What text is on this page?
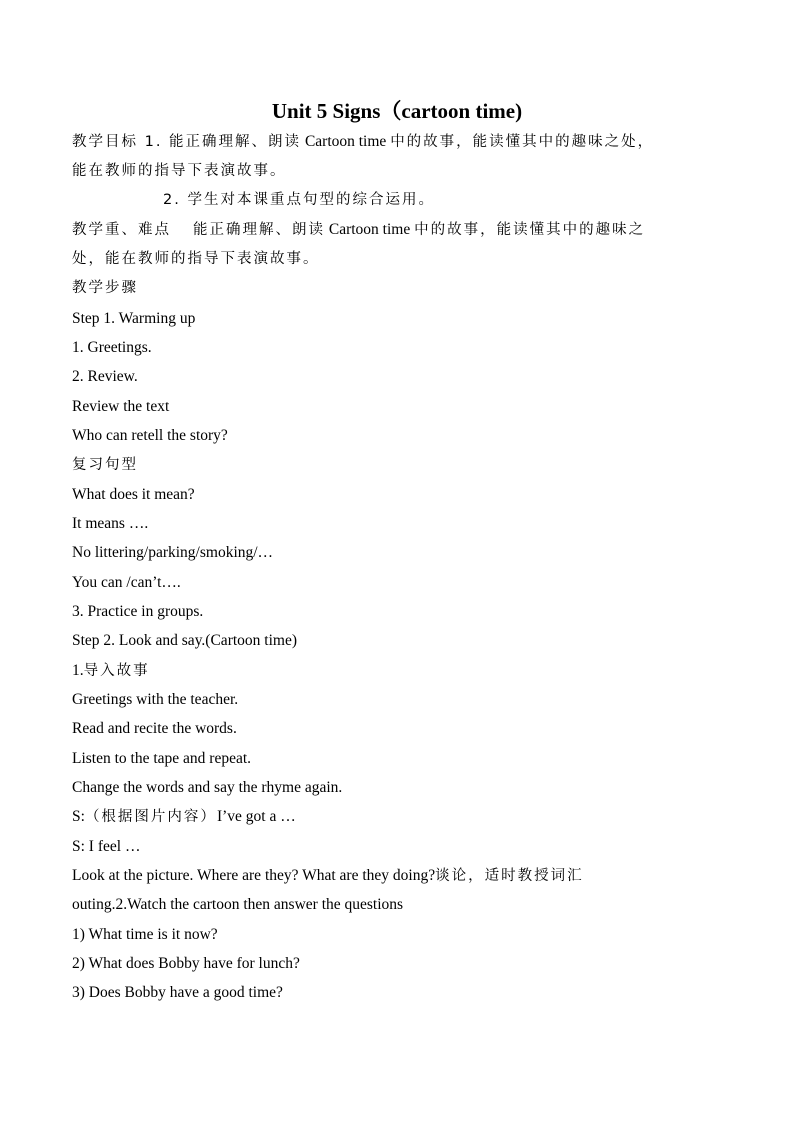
Unit 5 Signs（cartoon time)
教学目标 1. 能正确理解、朗读 Cartoon time 中的故事，能读懂其中的趣味之处，
能在教师的指导下表演故事。
2. 学生对本课重点句型的综合运用。
教学重、难点 能正确理解、朗读 Cartoon time 中的故事，能读懂其中的趣味之
处，能在教师的指导下表演故事。
教学步骤
Step 1. Warming up
1. Greetings.
2. Review.
Review the text
Who can retell the story?
复习句型
What does it mean?
It means ….
No littering/parking/smoking/…
You can /can’t….
3. Practice in groups.
Step 2. Look and say.(Cartoon time)
1.导入故事
Greetings with the teacher.
Read and recite the words.
Listen to the tape and repeat.
Change the words and say the rhyme again.
S:（根据图片内容）I’ve got a …
S: I feel …
Look at the picture. Where are they? What are they doing?谈论，适时教授词汇
outing.2.Watch the cartoon then answer the questions
1) What time is it now?
2) What does Bobby have for lunch?
3) Does Bobby have a good time?
